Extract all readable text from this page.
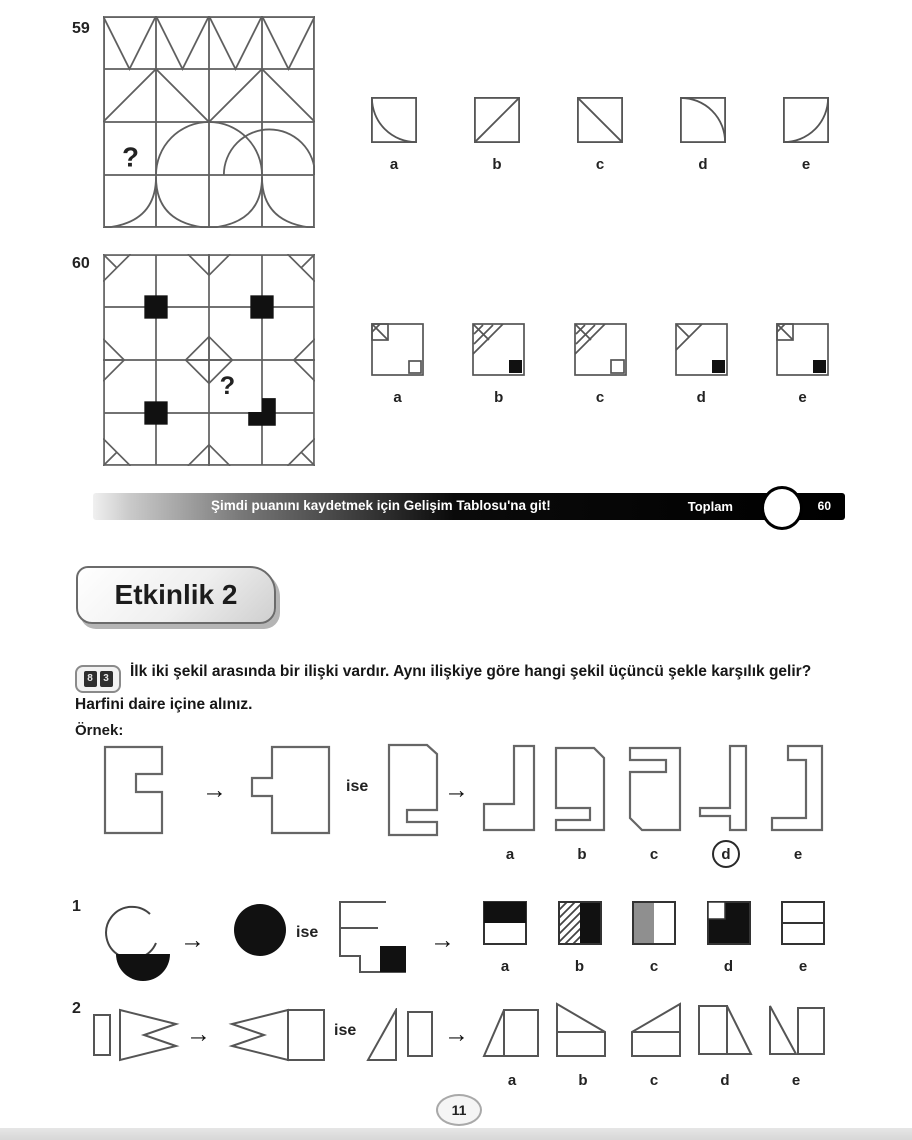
59
?	a	b	c	d	e
60
?	a	b	c	d	e
Şimdi puanını kaydetmek için Gelişim Tablosu'na git!	Toplam	60
Etkinlik 2
8	3 İlk iki şekil arasında bir ilişki vardır. Aynı ilişkiye göre hangi şekil üçüncü şekle karşılık gelir? Harfini daire içine alınız.
Örnek:
→	ise	→
a	b	c	d	e
1
→	ise	→
a	b	c	d	e
2
→	ise	→
a	b	c	d	e
11
